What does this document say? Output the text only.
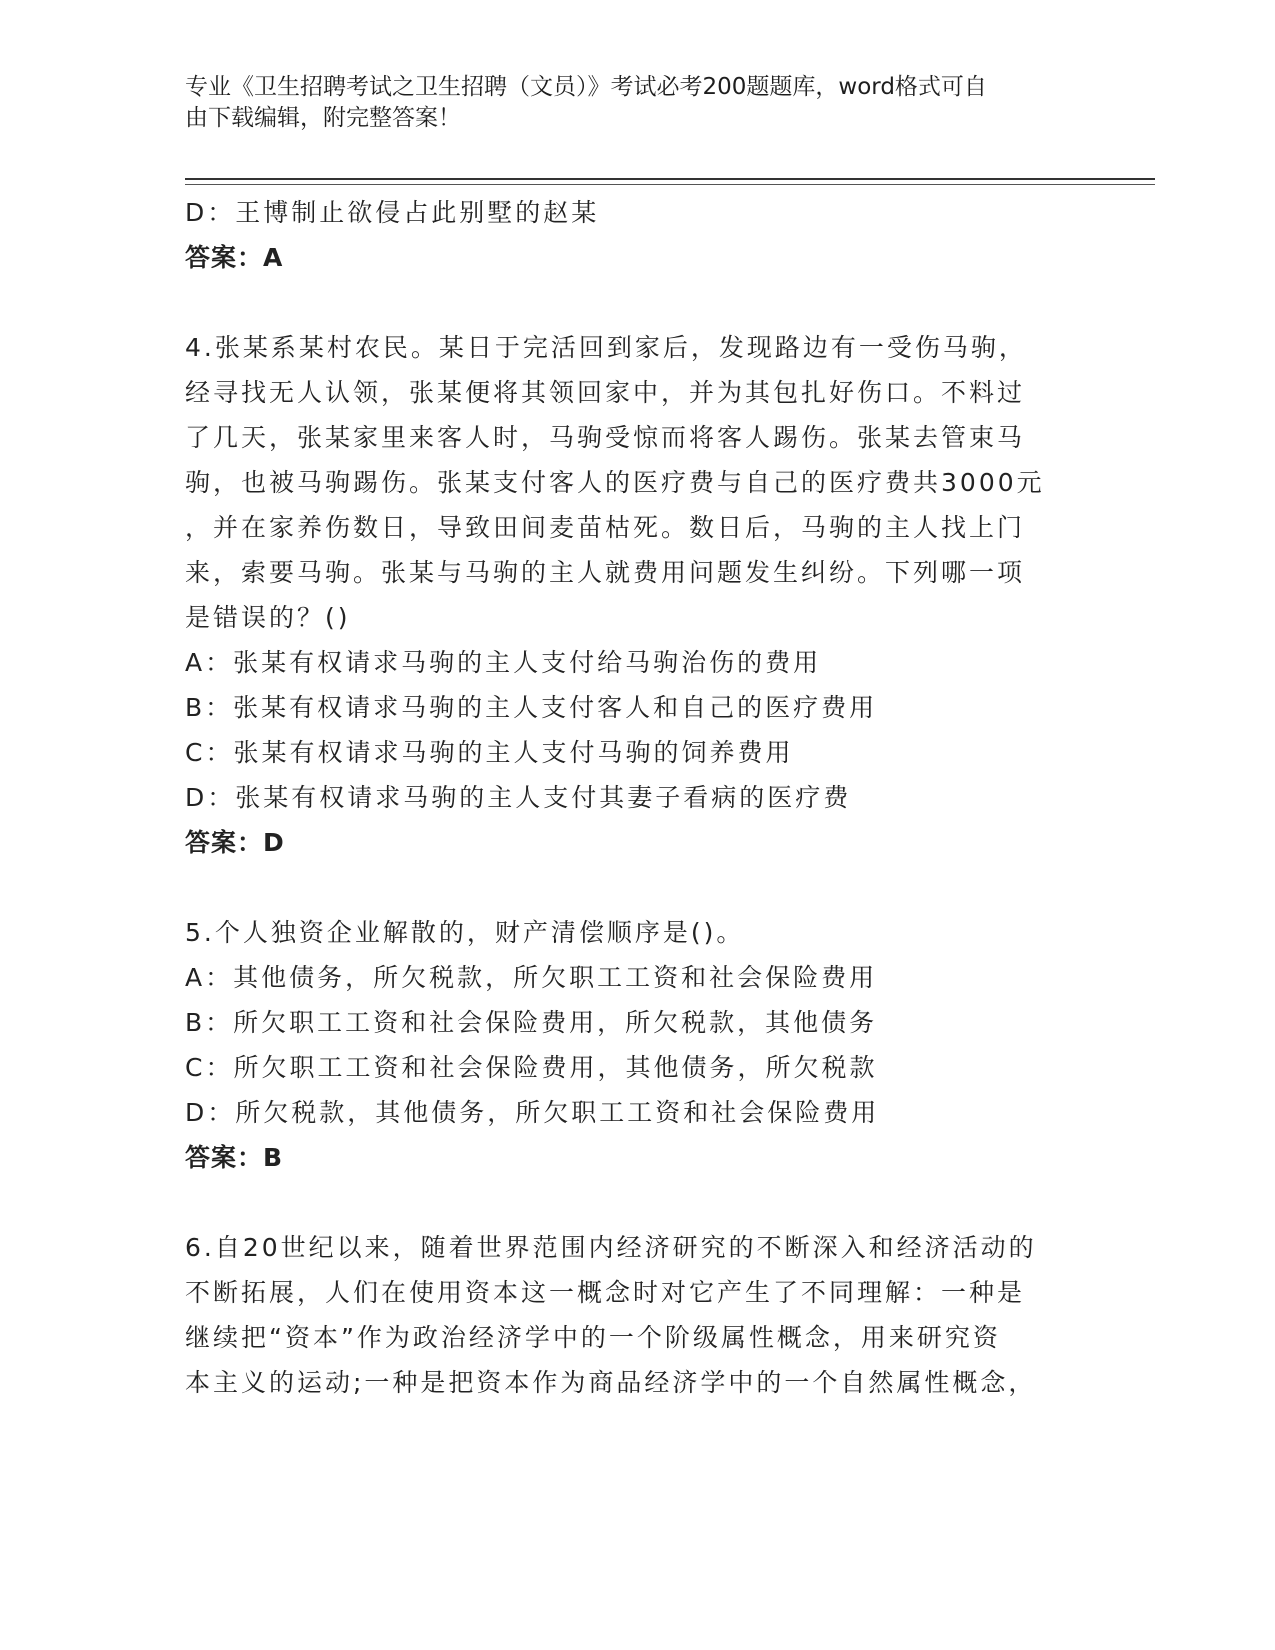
专业《卫生招聘考试之卫生招聘（文员）》考试必考200题题库，word格式可自
由下载编辑，附完整答案！
D：王博制止欲侵占此别墅的赵某
答案：A
4.张某系某村农民。某日于完活回到家后，发现路边有一受伤马驹，
经寻找无人认领，张某便将其领回家中，并为其包扎好伤口。不料过
了几天，张某家里来客人时，马驹受惊而将客人踢伤。张某去管束马
驹，也被马驹踢伤。张某支付客人的医疗费与自己的医疗费共3000元
，并在家养伤数日，导致田间麦苗枯死。数日后，马驹的主人找上门
来，索要马驹。张某与马驹的主人就费用问题发生纠纷。下列哪一项
是错误的？()
A：张某有权请求马驹的主人支付给马驹治伤的费用
B：张某有权请求马驹的主人支付客人和自己的医疗费用
C：张某有权请求马驹的主人支付马驹的饲养费用
D：张某有权请求马驹的主人支付其妻子看病的医疗费
答案：D
5.个人独资企业解散的，财产清偿顺序是()。
A：其他债务，所欠税款，所欠职工工资和社会保险费用
B：所欠职工工资和社会保险费用，所欠税款，其他债务
C：所欠职工工资和社会保险费用，其他债务，所欠税款
D：所欠税款，其他债务，所欠职工工资和社会保险费用
答案：B
6.自20世纪以来，随着世界范围内经济研究的不断深入和经济活动的
不断拓展，人们在使用资本这一概念时对它产生了不同理解：一种是
继续把“资本”作为政治经济学中的一个阶级属性概念，用来研究资
本主义的运动;一种是把资本作为商品经济学中的一个自然属性概念，
